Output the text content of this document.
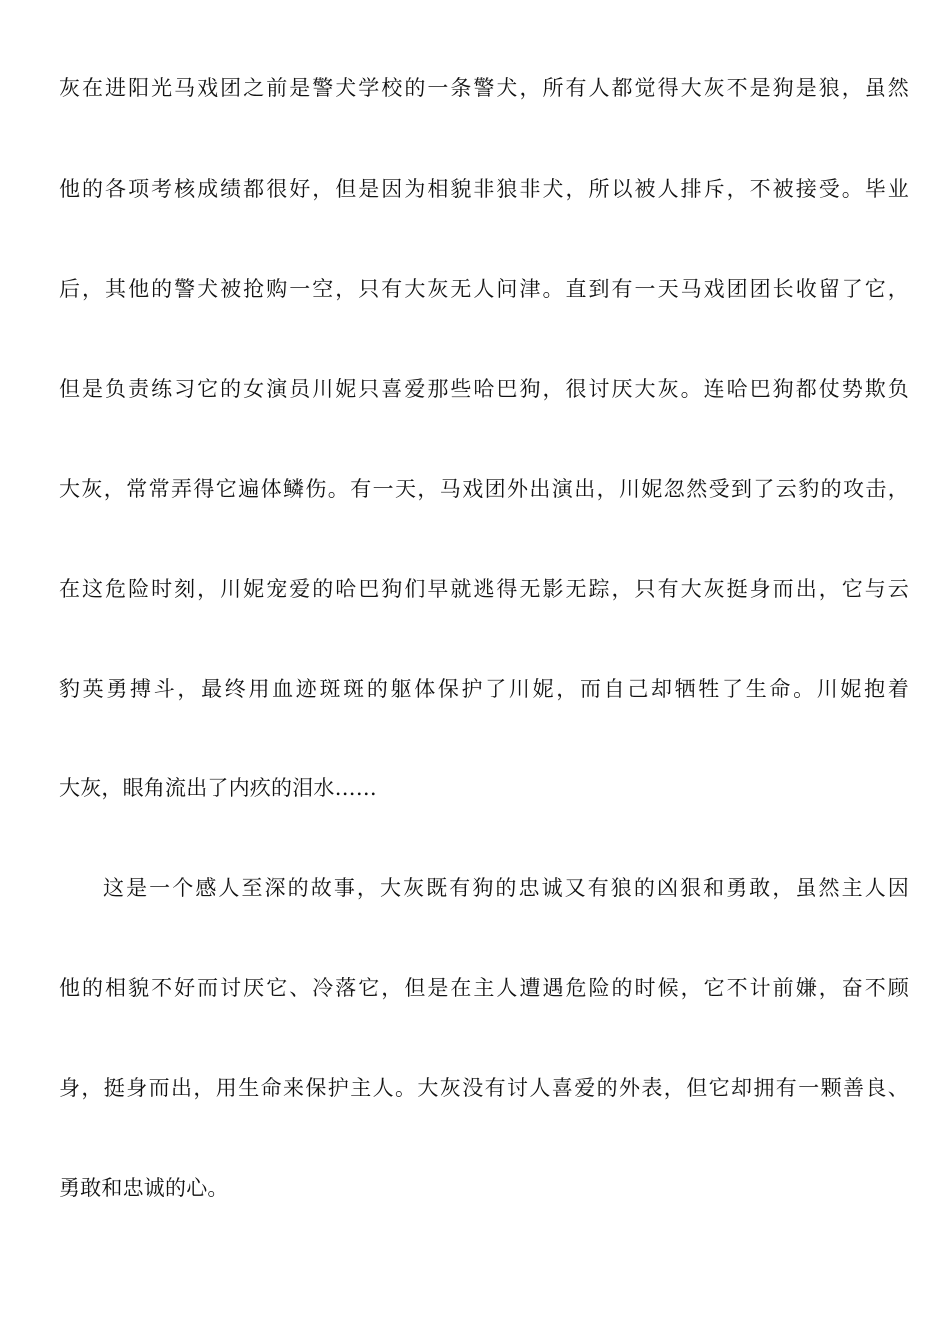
灰在进阳光马戏团之前是警犬学校的一条警犬，所有人都觉得大灰不是狗是狼，虽然
他的各项考核成绩都很好，但是因为相貌非狼非犬，所以被人排斥，不被接受。毕业
后，其他的警犬被抢购一空，只有大灰无人问津。直到有一天马戏团团长收留了它，
但是负责练习它的女演员川妮只喜爱那些哈巴狗，很讨厌大灰。连哈巴狗都仗势欺负
大灰，常常弄得它遍体鳞伤。有一天，马戏团外出演出，川妮忽然受到了云豹的攻击，
在这危险时刻，川妮宠爱的哈巴狗们早就逃得无影无踪，只有大灰挺身而出，它与云
豹英勇搏斗，最终用血迹斑斑的躯体保护了川妮，而自己却牺牲了生命。川妮抱着
大灰，眼角流出了内疚的泪水……
这是一个感人至深的故事，大灰既有狗的忠诚又有狼的凶狠和勇敢，虽然主人因
他的相貌不好而讨厌它、冷落它，但是在主人遭遇危险的时候，它不计前嫌，奋不顾
身，挺身而出，用生命来保护主人。大灰没有讨人喜爱的外表，但它却拥有一颗善良、
勇敢和忠诚的心。
